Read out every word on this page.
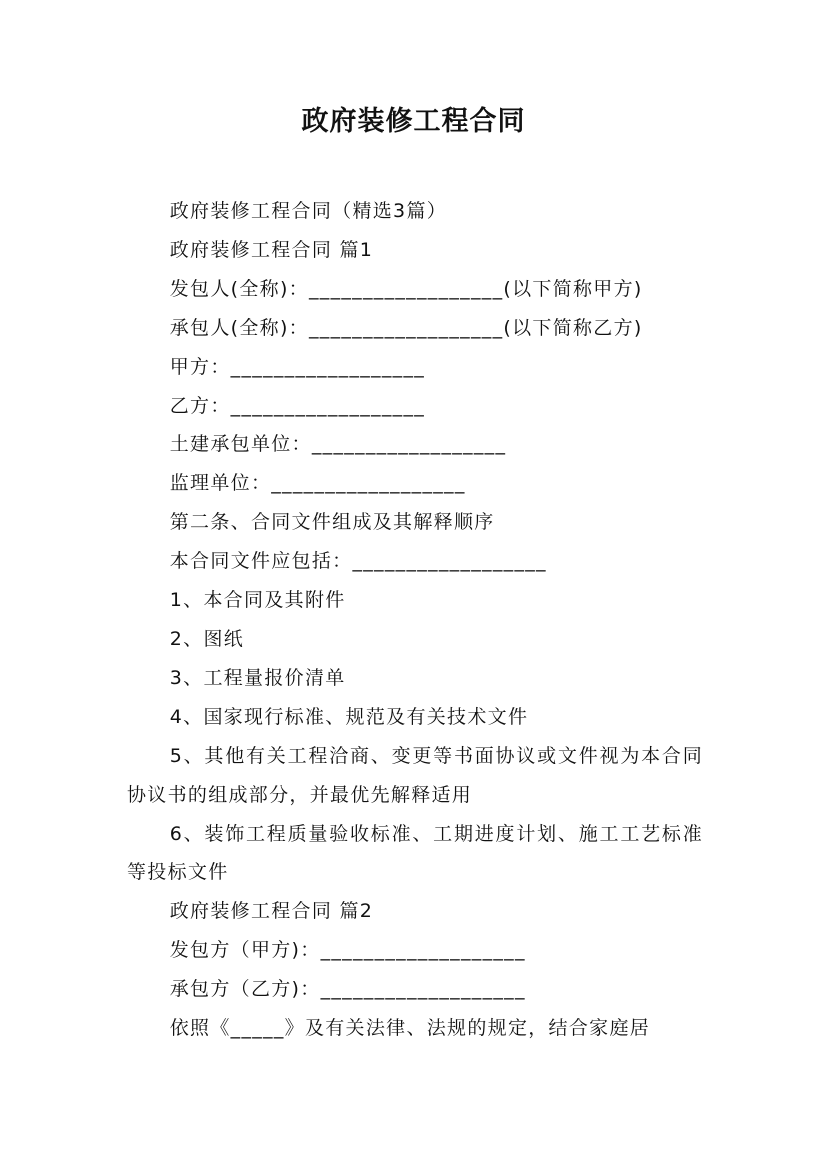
政府装修工程合同

政府装修工程合同（精选3篇）

政府装修工程合同 篇1

发包人(全称)：__________________(以下简称甲方)

承包人(全称)：__________________(以下简称乙方)

甲方：__________________

乙方：__________________

土建承包单位：__________________

监理单位：__________________

第二条、合同文件组成及其解释顺序

本合同文件应包括：__________________

1、本合同及其附件

2、图纸

3、工程量报价清单

4、国家现行标准、规范及有关技术文件

5、其他有关工程洽商、变更等书面协议或文件视为本合同协议书的组成部分，并最优先解释适用

6、装饰工程质量验收标准、工期进度计划、施工工艺标准等投标文件

政府装修工程合同 篇2

发包方（甲方)：___________________

承包方（乙方)：___________________

依照《_____》及有关法律、法规的规定，结合家庭居
